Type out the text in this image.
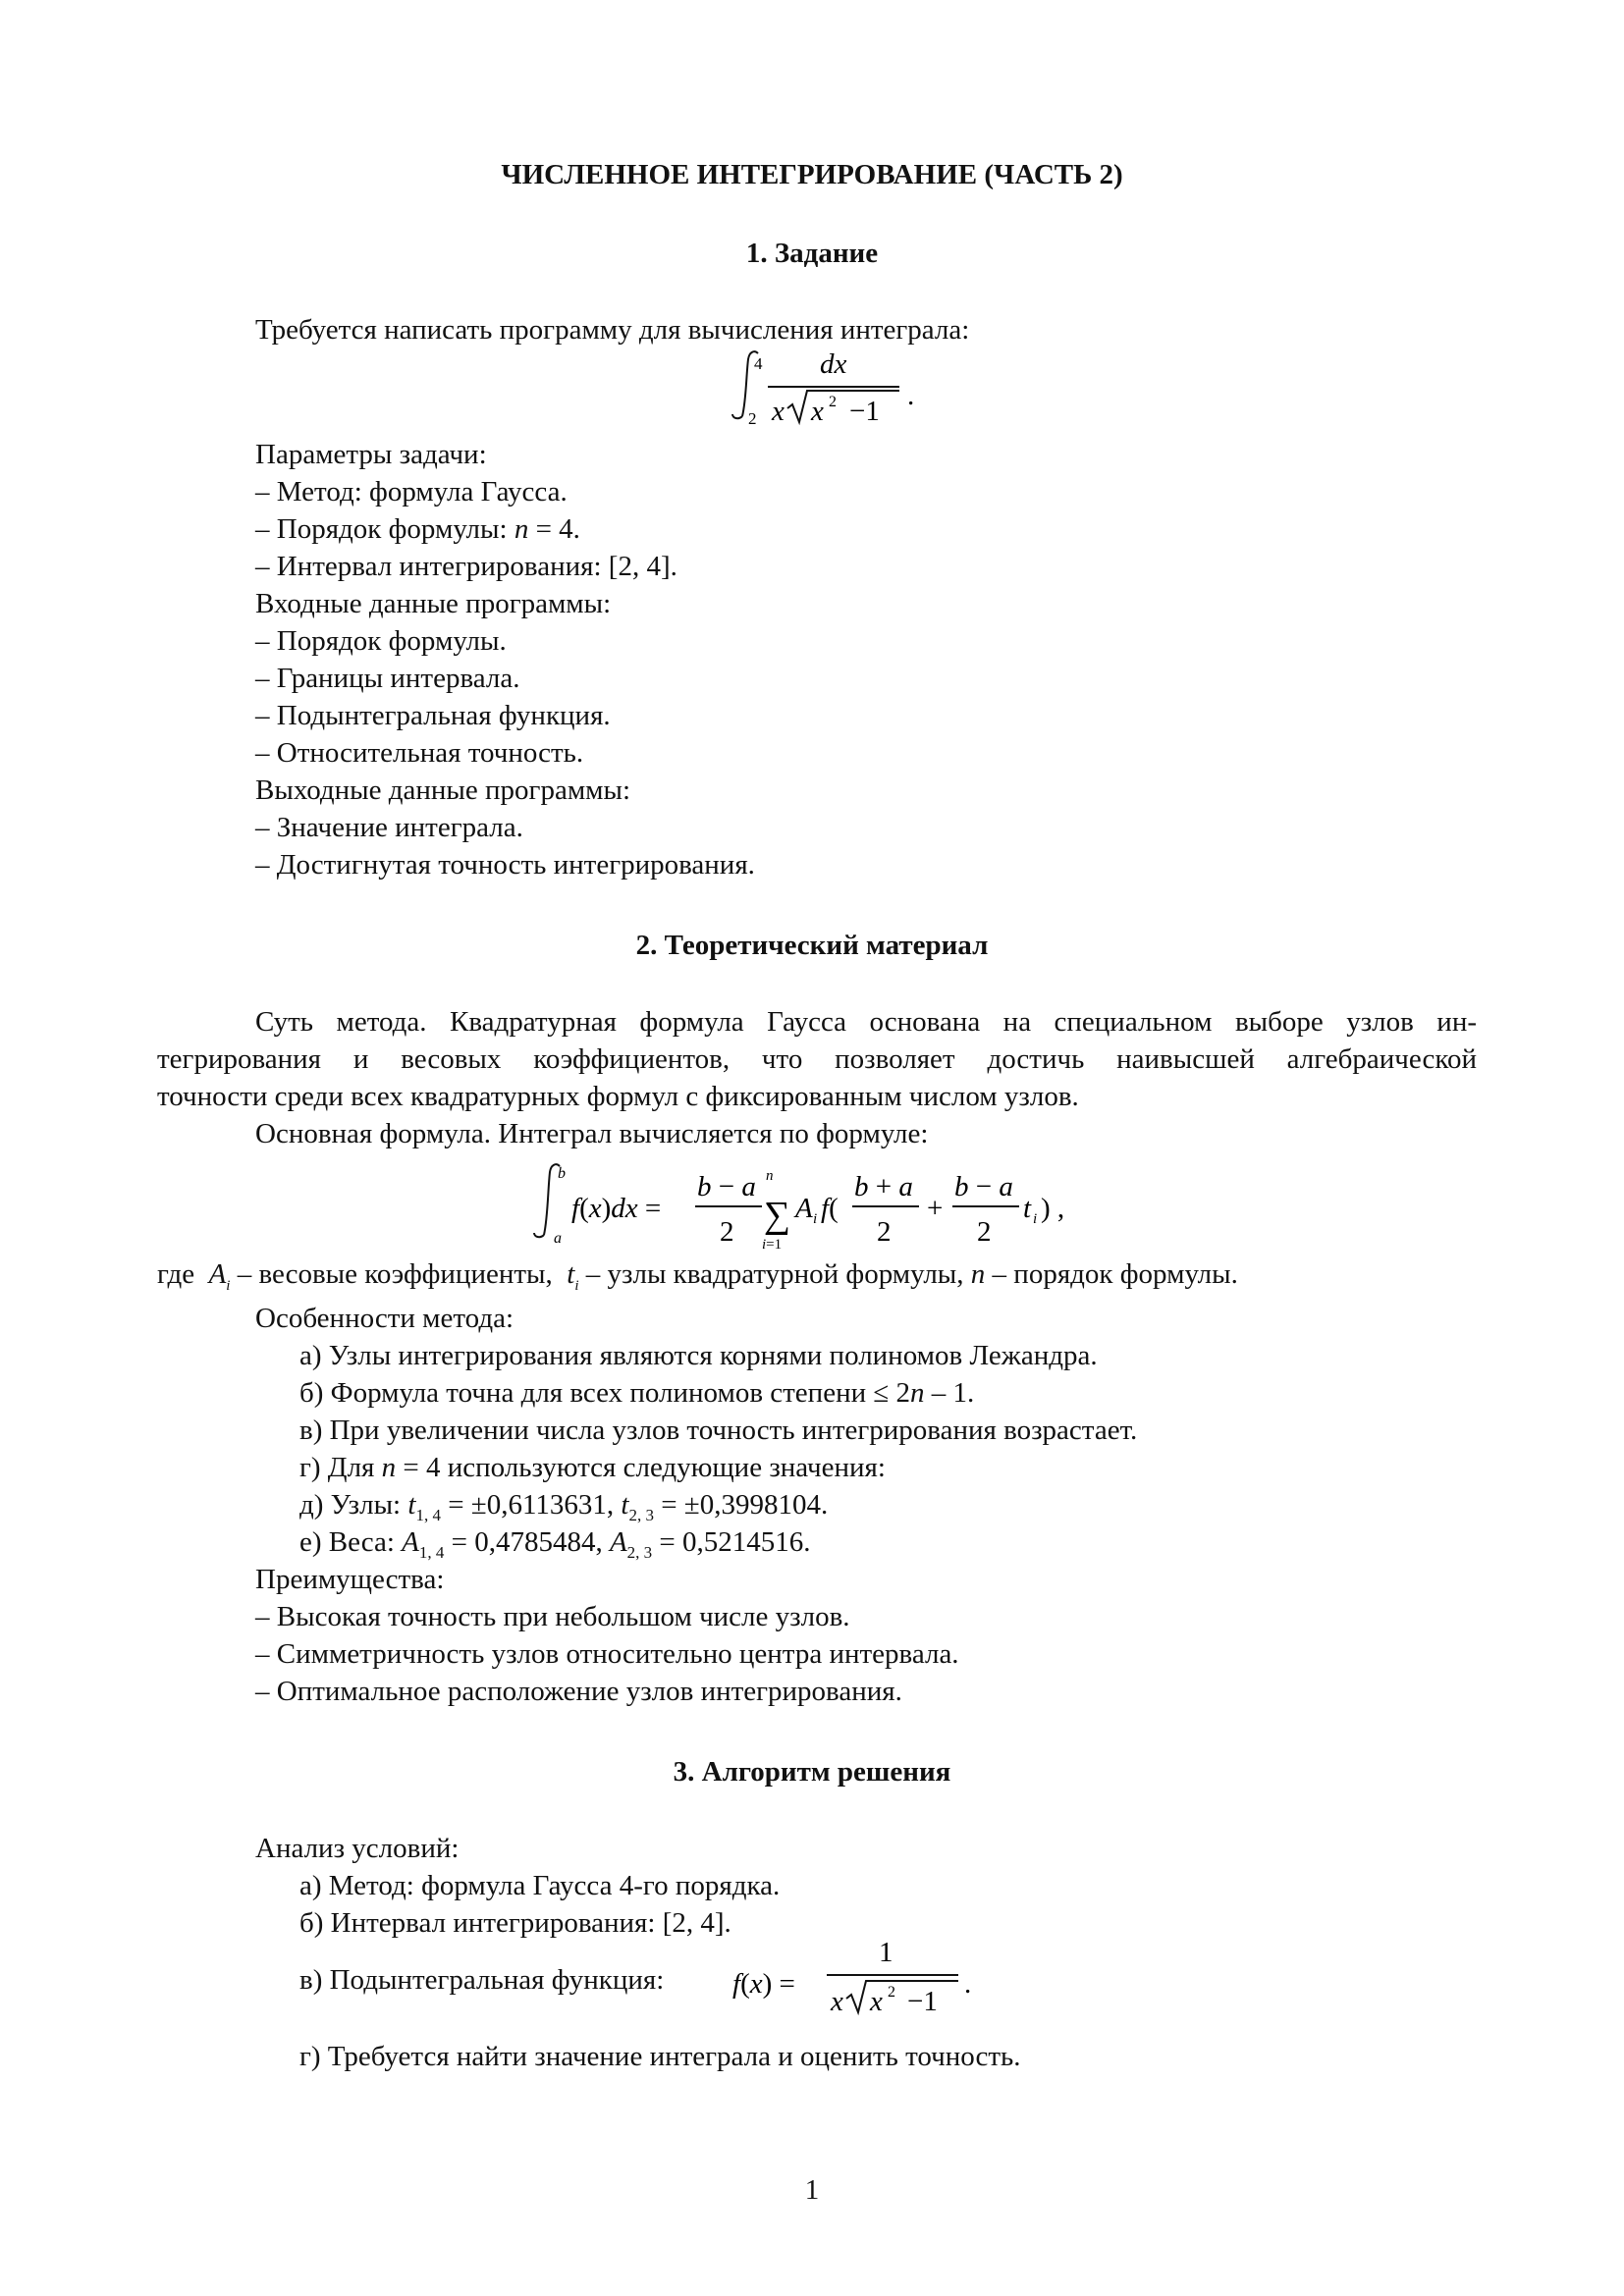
ЧИСЛЕННОЕ ИНТЕГРИРОВАНИЕ (ЧАСТЬ 2)
1. Задание
Требуется написать программу для вычисления интеграла:
4
2
dx
x x 2 −1 .
Параметры задачи:
– Метод: формула Гаусса.
– Порядок формулы: n = 4.
– Интервал интегрирования: [2, 4].
Входные данные программы:
– Порядок формулы.
– Границы интервала.
– Подынтегральная функция.
– Относительная точность.
Выходные данные программы:
– Значение интеграла.
– Достигнутая точность интегрирования.
2. Теоретический материал
Суть метода. Квадратурная формула Гаусса основана на специальном выборе узлов ин-
тегрирования и весовых коэффициентов, что позволяет достичь наивысшей алгебраической
точности среди всех квадратурных формул с фиксированным числом узлов.
Основная формула. Интеграл вычисляется по формуле:
b
a
f(x)dx =
b − a
2
n
∑
i=1
A i f(
b + a
2
+
b − a
2
t i ) ,
где $A_i$ – весовые коэффициенты, $t_i$ – узлы квадратурной формулы, n – порядок формулы.
Особенности метода:
а) Узлы интегрирования являются корнями полиномов Лежандра.
б) Формула точна для всех полиномов степени ≤ 2n – 1.
в) При увеличении числа узлов точность интегрирования возрастает.
г) Для n = 4 используются следующие значения:
д) Узлы: $t_{1, 4} = \pm 0,6113631$, $t_{2, 3} = \pm 0,3998104$.
е) Веса: $A_{1, 4} = 0,4785484$, $A_{2, 3} = 0,5214516$.
Преимущества:
– Высокая точность при небольшом числе узлов.
– Симметричность узлов относительно центра интервала.
– Оптимальное расположение узлов интегрирования.
3. Алгоритм решения
Анализ условий:
а) Метод: формула Гаусса 4-го порядка.
б) Интервал интегрирования: [2, 4].
в) Подынтегральная функция: f(x) =
1
x x 2 −1
.
г) Требуется найти значение интеграла и оценить точность.
1
